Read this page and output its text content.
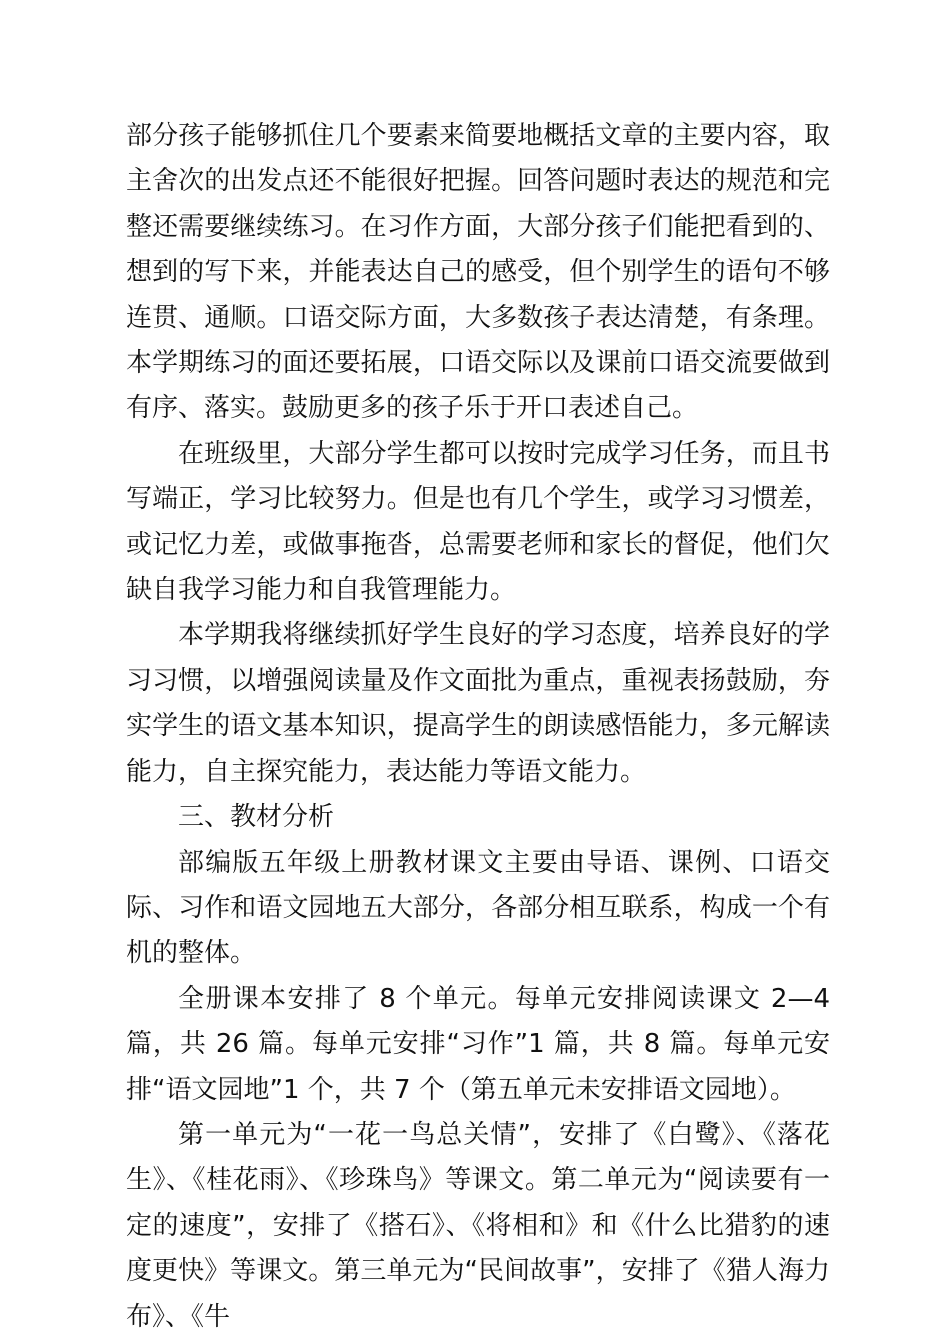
部分孩子能够抓住几个要素来简要地概括文章的主要内容，取主舍次的出发点还不能很好把握。回答问题时表达的规范和完整还需要继续练习。在习作方面，大部分孩子们能把看到的、想到的写下来，并能表达自己的感受，但个别学生的语句不够连贯、通顺。口语交际方面，大多数孩子表达清楚，有条理。本学期练习的面还要拓展，口语交际以及课前口语交流要做到有序、落实。鼓励更多的孩子乐于开口表述自己。

在班级里，大部分学生都可以按时完成学习任务，而且书写端正，学习比较努力。但是也有几个学生，或学习习惯差，或记忆力差，或做事拖沓，总需要老师和家长的督促，他们欠缺自我学习能力和自我管理能力。

本学期我将继续抓好学生良好的学习态度，培养良好的学习习惯，以增强阅读量及作文面批为重点，重视表扬鼓励，夯实学生的语文基本知识，提高学生的朗读感悟能力，多元解读能力，自主探究能力，表达能力等语文能力。

三、教材分析

部编版五年级上册教材课文主要由导语、课例、口语交际、习作和语文园地五大部分，各部分相互联系，构成一个有机的整体。

全册课本安排了 8 个单元。每单元安排阅读课文 2—4 篇，共 26 篇。每单元安排“习作”1 篇，共 8 篇。每单元安排“语文园地”1 个，共 7 个（第五单元未安排语文园地）。

第一单元为“一花一鸟总关情”，安排了《白鹭》、《落花生》、《桂花雨》、《珍珠鸟》等课文。第二单元为“阅读要有一定的速度”，安排了《搭石》、《将相和》和《什么比猎豹的速度更快》等课文。第三单元为“民间故事”，安排了《猎人海力布》、《牛
